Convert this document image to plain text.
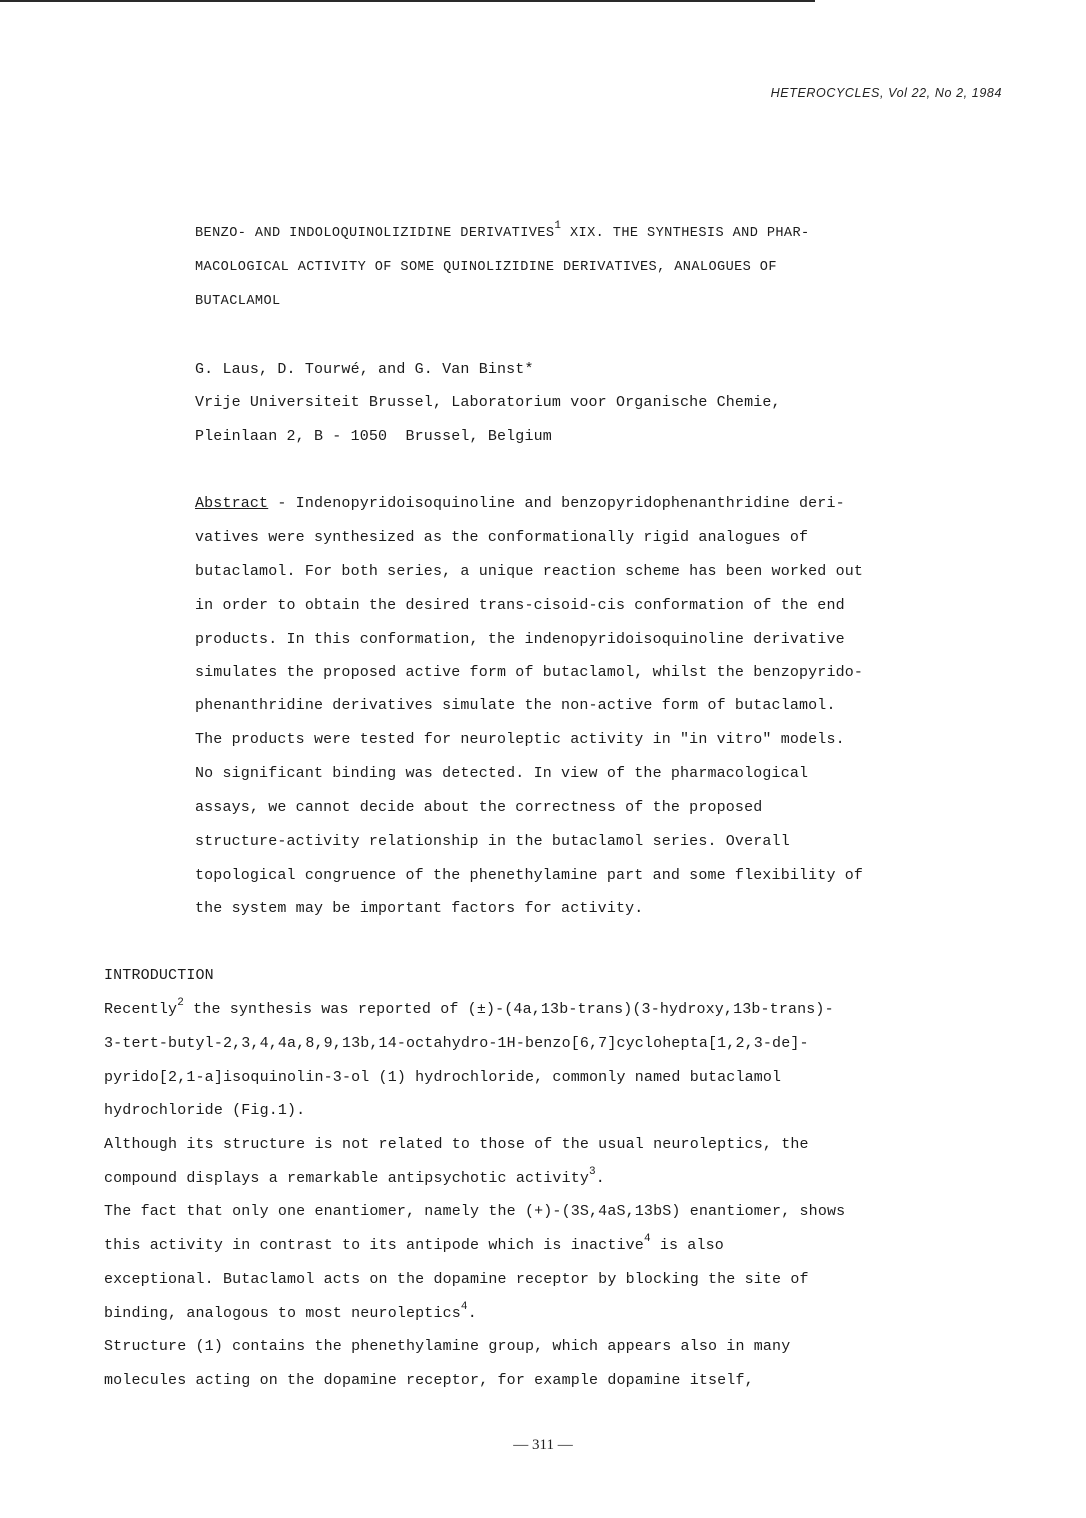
HETEROCYCLES, Vol 22, No 2, 1984
BENZO- AND INDOLOQUINOLIZIDINE DERIVATIVES$^1$ XIX. THE SYNTHESIS AND PHAR-
MACOLOGICAL ACTIVITY OF SOME QUINOLIZIDINE DERIVATIVES, ANALOGUES OF
BUTACLAMOL
G. Laus, D. Tourwé, and G. Van Binst*
Vrije Universiteit Brussel, Laboratorium voor Organische Chemie,
Pleinlaan 2, B - 1050  Brussel, Belgium
Abstract - Indenopyridoisoquinoline and benzopyridophenanthridine deri-
vatives were synthesized as the conformationally rigid analogues of
butaclamol. For both series, a unique reaction scheme has been worked out
in order to obtain the desired trans-cisoid-cis conformation of the end
products. In this conformation, the indenopyridoisoquinoline derivative
simulates the proposed active form of butaclamol, whilst the benzopyrido-
phenanthridine derivatives simulate the non-active form of butaclamol.
The products were tested for neuroleptic activity in "in vitro" models.
No significant binding was detected. In view of the pharmacological
assays, we cannot decide about the correctness of the proposed
structure-activity relationship in the butaclamol series. Overall
topological congruence of the phenethylamine part and some flexibility of
the system may be important factors for activity.
INTRODUCTION
Recently$^2$ the synthesis was reported of (±)-(4a,13b-trans)(3-hydroxy,13b-trans)-
3-tert-butyl-2,3,4,4a,8,9,13b,14-octahydro-1H-benzo[6,7]cyclohepta[1,2,3-de]-
pyrido[2,1-a]isoquinolin-3-ol (1) hydrochloride, commonly named butaclamol
hydrochloride (Fig.1).
Although its structure is not related to those of the usual neuroleptics, the
compound displays a remarkable antipsychotic activity$^3$.
The fact that only one enantiomer, namely the (+)-(3S,4aS,13bS) enantiomer, shows
this activity in contrast to its antipode which is inactive$^4$ is also
exceptional. Butaclamol acts on the dopamine receptor by blocking the site of
binding, analogous to most neuroleptics$^4$.
Structure (1) contains the phenethylamine group, which appears also in many
molecules acting on the dopamine receptor, for example dopamine itself,
— 311 —
